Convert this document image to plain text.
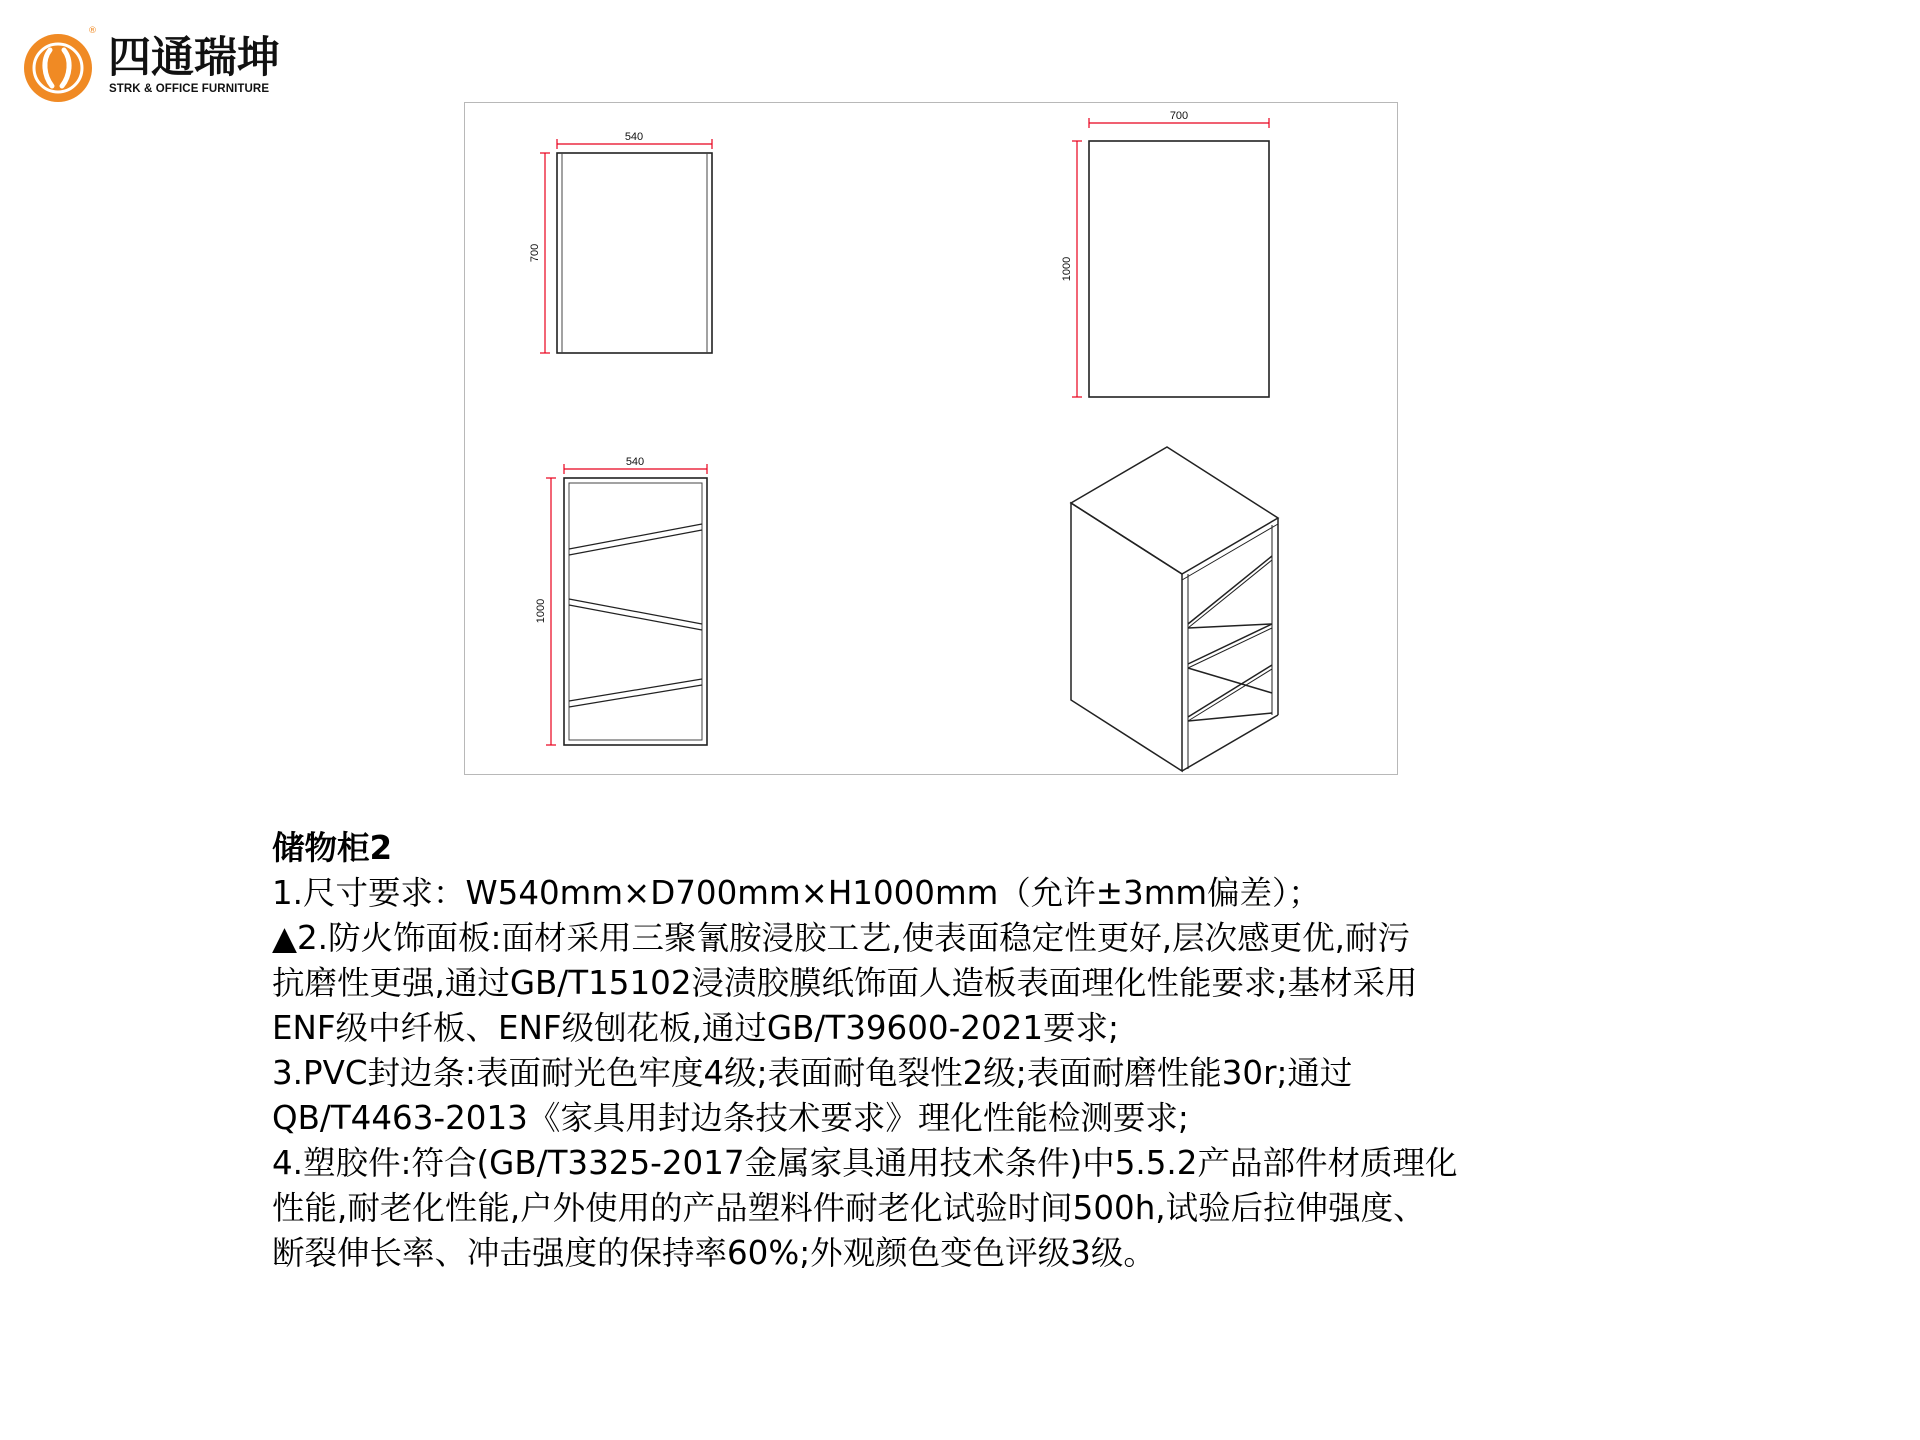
®
四通瑞坤
STRK & OFFICE FURNITURE
540
700
700
1000
540
1000
储物柜2
1.尺寸要求：W540mm×D700mm×H1000mm（允许±3mm偏差）；
▲2.防火饰面板:面材采用三聚氰胺浸胶工艺,使表面稳定性更好,层次感更优,耐污
抗磨性更强,通过GB/T15102浸渍胶膜纸饰面人造板表面理化性能要求;基材采用
ENF级中纤板、ENF级刨花板,通过GB/T39600-2021要求;
3.PVC封边条:表面耐光色牢度4级;表面耐龟裂性2级;表面耐磨性能30r;通过
QB/T4463-2013《家具用封边条技术要求》理化性能检测要求;
4.塑胶件:符合(GB/T3325-2017金属家具通用技术条件)中5.5.2产品部件材质理化
性能,耐老化性能,户外使用的产品塑料件耐老化试验时间500h,试验后拉伸强度、
断裂伸长率、冲击强度的保持率60%;外观颜色变色评级3级。
